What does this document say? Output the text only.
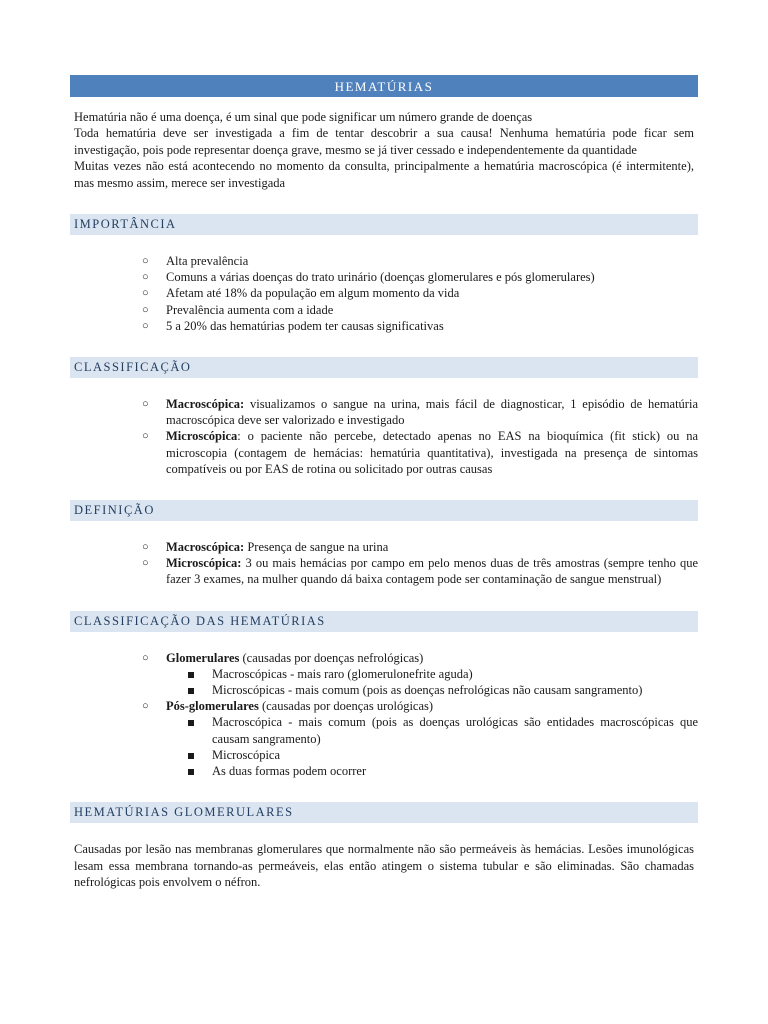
HEMATÚRIAS
Hematúria não é uma doença, é um sinal que pode significar um número grande de doenças
Toda hematúria deve ser investigada a fim de tentar descobrir a sua causa! Nenhuma hematúria pode ficar sem investigação, pois pode representar doença grave, mesmo se já tiver cessado e independentemente da quantidade
Muitas vezes não está acontecendo no momento da consulta, principalmente a hematúria macroscópica (é intermitente), mas mesmo assim, merece ser investigada
IMPORTÂNCIA
○ Alta prevalência
○ Comuns a várias doenças do trato urinário (doenças glomerulares e pós glomerulares)
○ Afetam até 18% da população em algum momento da vida
○ Prevalência aumenta com a idade
○ 5 a 20% das hematúrias podem ter causas significativas
CLASSIFICAÇÃO
○ Macroscópica: visualizamos o sangue na urina, mais fácil de diagnosticar, 1 episódio de hematúria macroscópica deve ser valorizado e investigado
○ Microscópica: o paciente não percebe, detectado apenas no EAS na bioquímica (fit stick) ou na microscopia (contagem de hemácias: hematúria quantitativa), investigada na presença de sintomas compatíveis ou por EAS de rotina ou solicitado por outras causas
DEFINIÇÃO
○ Macroscópica: Presença de sangue na urina
○ Microscópica: 3 ou mais hemácias por campo em pelo menos duas de três amostras (sempre tenho que fazer 3 exames, na mulher quando dá baixa contagem pode ser contaminação de sangue menstrual)
CLASSIFICAÇÃO DAS HEMATÚRIAS
○ Glomerulares (causadas por doenças nefrológicas)
Macroscópicas - mais raro (glomerulonefrite aguda)
Microscópicas - mais comum (pois as doenças nefrológicas não causam sangramento)
○ Pós-glomerulares (causadas por doenças urológicas)
Macroscópica - mais comum (pois as doenças urológicas são entidades macroscópicas que causam sangramento)
Microscópica
As duas formas podem ocorrer
HEMATÚRIAS GLOMERULARES
Causadas por lesão nas membranas glomerulares que normalmente não são permeáveis às hemácias. Lesões imunológicas lesam essa membrana tornando-as permeáveis, elas então atingem o sistema tubular e são eliminadas. São chamadas nefrológicas pois envolvem o néfron.
